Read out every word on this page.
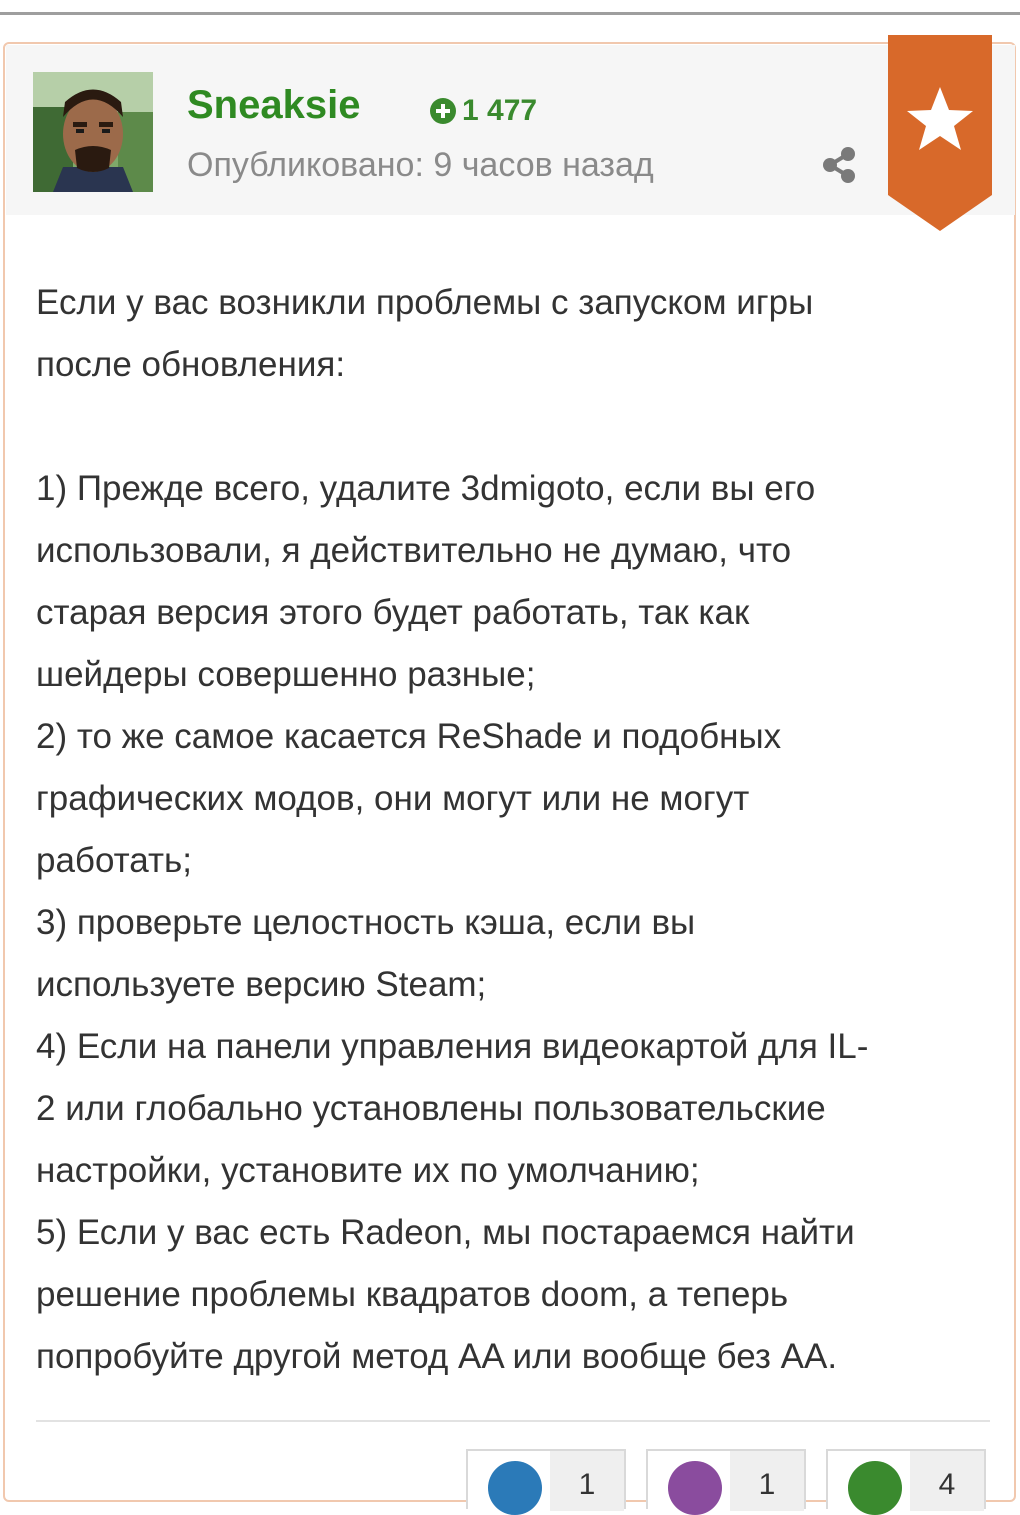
Sneaksie	1 477
Опубликовано: 9 часов назад

Если у вас возникли проблемы с запуском игры

после обновления:

1) Прежде всего, удалите 3dmigoto, если вы его

использовали, я действительно не думаю, что

старая версия этого будет работать, так как

шейдеры совершенно разные;

2) то же самое касается ReShade и подобных

графических модов, они могут или не могут

работать;

3) проверьте целостность кэша, если вы

используете версию Steam;

4) Если на панели управления видеокартой для IL-

2 или глобально установлены пользовательские

настройки, установите их по умолчанию;

5) Если у вас есть Radeon, мы постараемся найти

решение проблемы квадратов doom, а теперь

попробуйте другой метод AA или вообще без AA.

1	1	4
